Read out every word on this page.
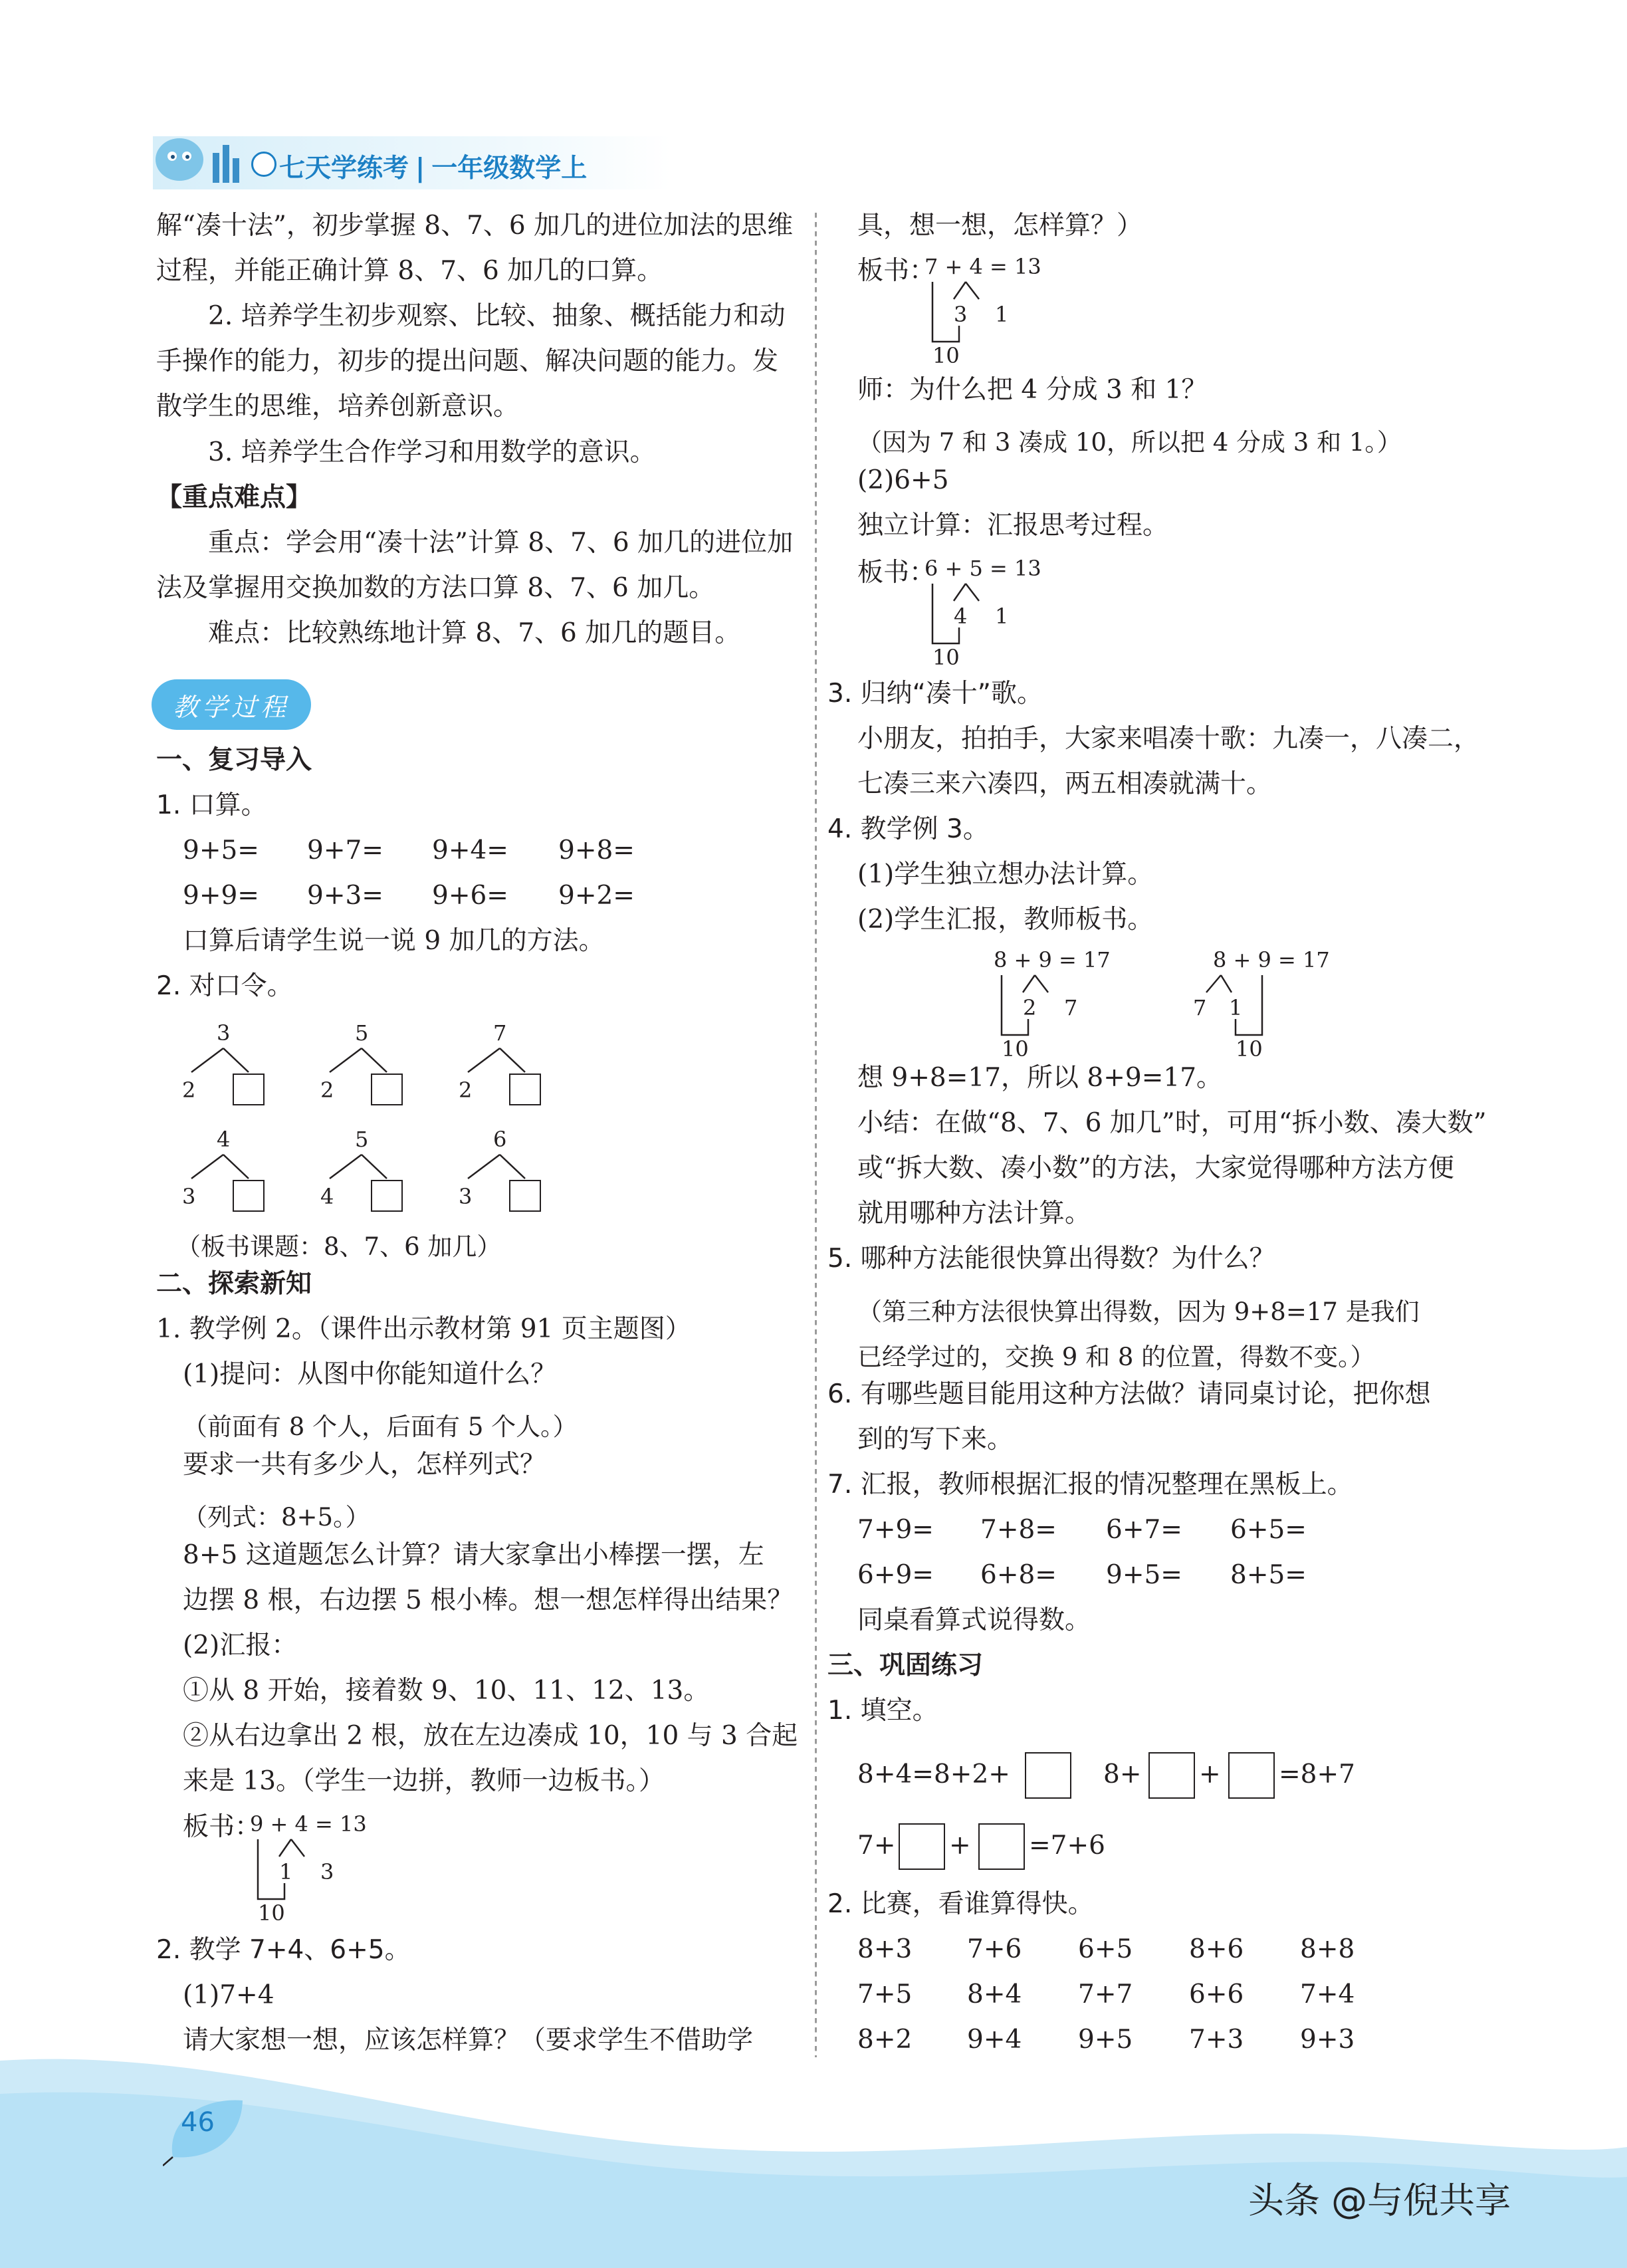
七天学练考 | 一年级数学上
解“凑十法”，初步掌握 8、7、6 加几的进位加法的思维
过程，并能正确计算 8、7、6 加几的口算。
2. 培养学生初步观察、比较、抽象、概括能力和动
手操作的能力，初步的提出问题、解决问题的能力。发
散学生的思维，培养创新意识。
3. 培养学生合作学习和用数学的意识。
【重点难点】
重点：学会用“凑十法”计算 8、7、6 加几的进位加
法及掌握用交换加数的方法口算 8、7、6 加几。
难点：比较熟练地计算 8、7、6 加几的题目。
教学过程
一、复习导入
1. 口算。
9+5= 9+7= 9+4= 9+8=
9+9= 9+3= 9+6= 9+2=
口算后请学生说一说 9 加几的方法。
2. 对口令。
3
2
5
2
7
2
4
3
5
4
6
3
（板书课题：8、7、6 加几）
二、探索新知
1. 教学例 2。（课件出示教材第 91 页主题图）
(1)提问：从图中你能知道什么？
（前面有 8 个人，后面有 5 个人。）
要求一共有多少人，怎样列式？
（列式：8+5。）
8+5 这道题怎么计算？请大家拿出小棒摆一摆，左
边摆 8 根，右边摆 5 根小棒。想一想怎样得出结果？
(2)汇报：
①从 8 开始，接着数 9、10、11、12、13。
②从右边拿出 2 根，放在左边凑成 10，10 与 3 合起
来是 13。（学生一边拼，教师一边板书。）
板书：
9 + 4 = 13
1 3
10
2. 教学 7+4、6+5。
(1)7+4
请大家想一想，应该怎样算？（要求学生不借助学
具，想一想，怎样算？）
板书：
7 + 4 = 13
3 1
10
师：为什么把 4 分成 3 和 1？
（因为 7 和 3 凑成 10，所以把 4 分成 3 和 1。）
(2)6+5
独立计算：汇报思考过程。
板书：
6 + 5 = 13
4 1
10
3. 归纳“凑十”歌。
小朋友，拍拍手，大家来唱凑十歌：九凑一，八凑二，
七凑三来六凑四，两五相凑就满十。
4. 教学例 3。
(1)学生独立想办法计算。
(2)学生汇报，教师板书。
8 + 9 = 17
2 7
10
8 + 9 = 17
7 1
10
想 9+8=17，所以 8+9=17。
小结：在做“8、7、6 加几”时，可用“拆小数、凑大数”
或“拆大数、凑小数”的方法，大家觉得哪种方法方便
就用哪种方法计算。
5. 哪种方法能很快算出得数？为什么？
（第三种方法很快算出得数，因为 9+8=17 是我们
已经学过的，交换 9 和 8 的位置，得数不变。）
6. 有哪些题目能用这种方法做？请同桌讨论，把你想
到的写下来。
7. 汇报，教师根据汇报的情况整理在黑板上。
7+9= 7+8= 6+7= 6+5=
6+9= 6+8= 9+5= 8+5=
同桌看算式说得数。
三、巩固练习
1. 填空。
8+4=8+2+	8+ + =8+7
7+ + =7+6
2. 比赛，看谁算得快。
8+3 7+6 6+5 8+6 8+8
7+5 8+4 7+7 6+6 7+4
8+2 9+4 9+5 7+3 9+3
46
头条 @与倪共享
